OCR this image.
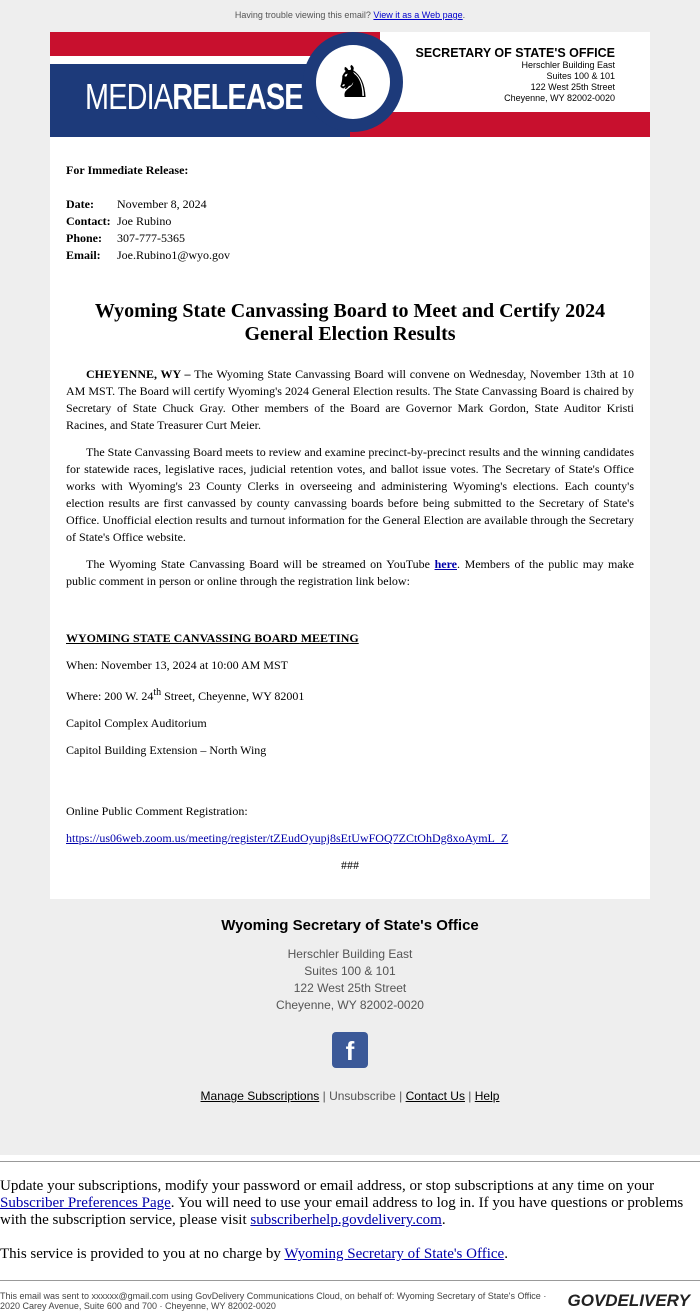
Having trouble viewing this email? View it as a Web page.
MEDIARELEASE ♞
SECRETARY OF STATE'S OFFICE
Herschler Building East
Suites 100 & 101
122 West 25th Street
Cheyenne, WY 82002-0020
For Immediate Release:
Date:	November 8, 2024
Contact:	Joe Rubino
Phone:	307-777-5365
Email:	Joe.Rubino1@wyo.gov
Wyoming State Canvassing Board to Meet and Certify 2024 General Election Results

CHEYENNE, WY – The Wyoming State Canvassing Board will convene on Wednesday, November 13th at 10 AM MST. The Board will certify Wyoming's 2024 General Election results. The State Canvassing Board is chaired by Secretary of State Chuck Gray. Other members of the Board are Governor Mark Gordon, State Auditor Kristi Racines, and State Treasurer Curt Meier.

The State Canvassing Board meets to review and examine precinct-by-precinct results and the winning candidates for statewide races, legislative races, judicial retention votes, and ballot issue votes. The Secretary of State's Office works with Wyoming's 23 County Clerks in overseeing and administering Wyoming's elections. Each county's election results are first canvassed by county canvassing boards before being submitted to the Secretary of State's Office. Unofficial election results and turnout information for the General Election are available through the Secretary of State's Office website.

The Wyoming State Canvassing Board will be streamed on YouTube here. Members of the public may make public comment in person or online through the registration link below:

WYOMING STATE CANVASSING BOARD MEETING

When: November 13, 2024 at 10:00 AM MST

Where: 200 W. 24th Street, Cheyenne, WY 82001

Capitol Complex Auditorium

Capitol Building Extension – North Wing

Online Public Comment Registration:

https://us06web.zoom.us/meeting/register/tZEudOyupj8sEtUwFOQ7ZCtOhDg8xoAymL_Z

###
Wyoming Secretary of State's Office
Herschler Building East
Suites 100 & 101
122 West 25th Street
Cheyenne, WY 82002-0020
f
Manage Subscriptions | Unsubscribe | Contact Us | Help

Update your subscriptions, modify your password or email address, or stop subscriptions at any time on your Subscriber Preferences Page. You will need to use your email address to log in. If you have questions or problems with the subscription service, please visit subscriberhelp.govdelivery.com.

This service is provided to you at no charge by Wyoming Secretary of State's Office.

This email was sent to xxxxxx@gmail.com using GovDelivery Communications Cloud, on behalf of: Wyoming Secretary of State's Office · 2020 Carey Avenue, Suite 600 and 700 · Cheyenne, WY 82002-0020	GOVDELIVERY
